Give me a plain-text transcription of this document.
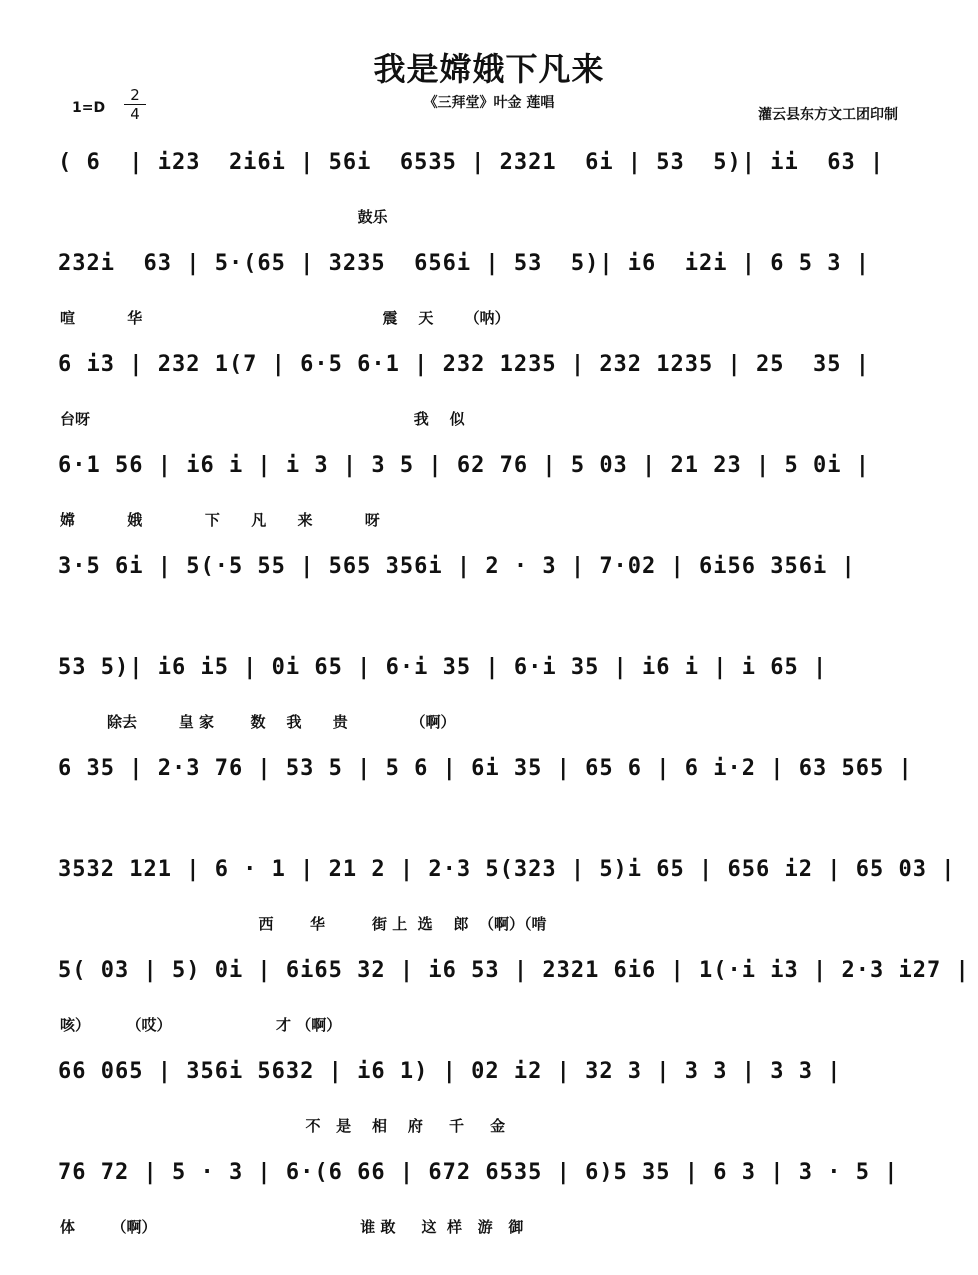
我是嫦娥下凡来
《三拜堂》叶金 莲唱
1=D
2
4	灌云县东方文工团印制
( 6  | i23  2i6i | 56i  6535 | 2321  6i | 53  5)| ii  63 |
鼓乐
232i  63 | 5·(65 | 3235  656i | 53  5)| i6  i2i | 6 5 3 |
喧          华                                              震    天      （呐）
6 i3 | 232 1(7 | 6·5 6·1 | 232 1235 | 232 1235 | 25  35 |
台呀                                                              我    似
6·1 56 | i6 i | i 3 | 3 5 | 62 76 | 5 03 | 21 23 | 5 0i |
嫦          娥            下      凡      来          呀
3·5 6i | 5(·5 55 | 565 356i | 2 · 3 | 7·02 | 6i56 356i |
53 5)| i6 i5 | 0i 65 | 6·i 35 | 6·i 35 | i6 i | i 65 |
除去        皇 家       数    我      贵            （啊）
6 35 | 2·3 76 | 53 5 | 5 6 | 6i 35 | 65 6 | 6 i·2 | 63 565 |
3532 121 | 6 · 1 | 21 2 | 2·3 5(323 | 5)i 65 | 656 i2 | 65 03 |
西       华         街 上  选    郎  （啊）（啃
5( 03 | 5) 0i | 6i65 32 | i6 53 | 2321 6i6 | 1(·i i3 | 2·3 i27 |
咳）       （哎）                    才 （啊）
66 065 | 356i 5632 | i6 1) | 02 i2 | 32 3 | 3 3 | 3 3 |
不   是    相    府     千     金
76 72 | 5 · 3 | 6·(6 66 | 672 6535 | 6)5 35 | 6 3 | 3 · 5 |
体       （啊）                                       谁 敢     这  样   游   御
